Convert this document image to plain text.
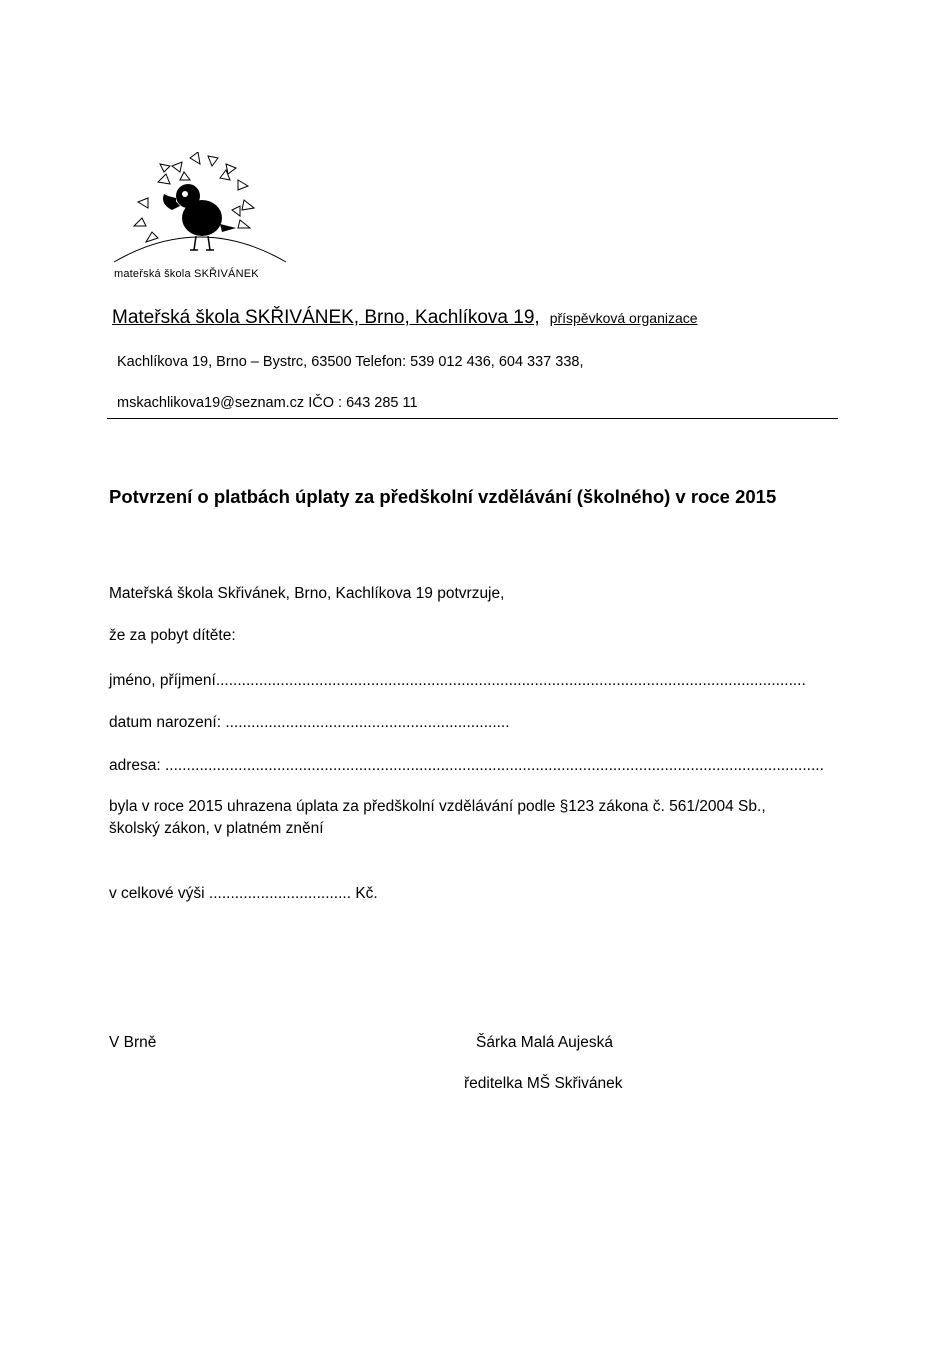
mateřská škola SKŘIVÁNEK
Mateřská škola SKŘIVÁNEK, Brno, Kachlíkova 19, příspěvková organizace
Kachlíkova 19, Brno – Bystrc, 63500 Telefon: 539 012 436, 604 337 338,
mskachlikova19@seznam.cz IČO : 643 285 11
Potvrzení o platbách úplaty za předškolní vzdělávání (školného) v roce 2015
Mateřská škola Skřivánek, Brno, Kachlíkova 19 potvrzuje,
že za pobyt dítěte:
jméno, příjmení.........................................................................................................................................
datum narození: ..................................................................
adresa: .........................................................................................................................................................
byla v roce 2015 uhrazena úplata za předškolní vzdělávání podle §123 zákona č. 561/2004 Sb.,
školský zákon, v platném znění
v celkové výši ................................. Kč.
V Brně	Šárka Malá Aujeská
ředitelka MŠ Skřivánek
